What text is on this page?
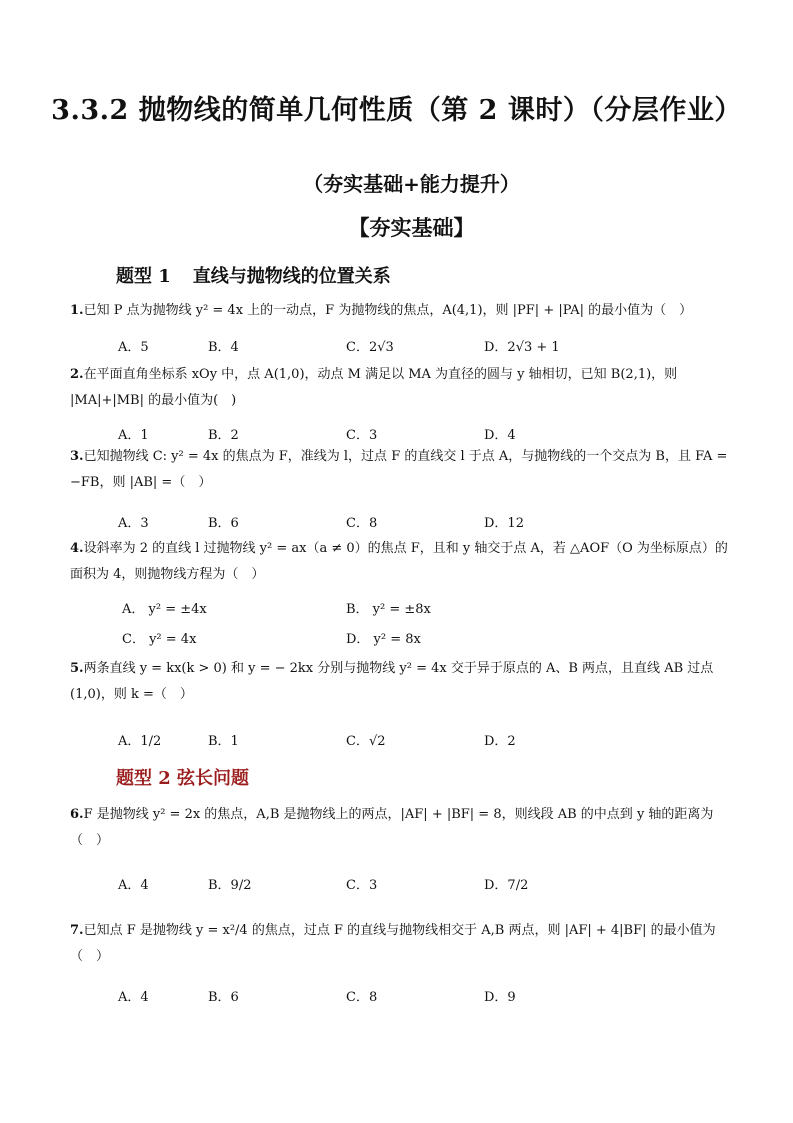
3.3.2 抛物线的简单几何性质（第 2 课时）（分层作业）
（夯实基础+能力提升）
【夯实基础】
题型 1 直线与抛物线的位置关系
1.已知 P 点为抛物线 y² = 4x 上的一动点，F 为抛物线的焦点，A(4,1)，则 |PF| + |PA| 的最小值为（　）
A．5	B．4	C．2√3	D．2√3 + 1
2.在平面直角坐标系 xOy 中，点 A(1,0)，动点 M 满足以 MA 为直径的圆与 y 轴相切，已知 B(2,1)，则 |MA|+|MB| 的最小值为(　)
A．1	B．2	C．3	D．4
3.已知抛物线 C: y² = 4x 的焦点为 F，准线为 l，过点 F 的直线交 l 于点 A，与抛物线的一个交点为 B，且 FA = −FB，则 |AB| =（　）
A．3	B．6	C．8	D．12
4.设斜率为 2 的直线 l 过抛物线 y² = ax（a ≠ 0）的焦点 F，且和 y 轴交于点 A，若 △AOF（O 为坐标原点）的面积为 4，则抛物线方程为（　）
A． y² = ±4x	B． y² = ±8x
C． y² = 4x	D． y² = 8x
5.两条直线 y = kx(k > 0) 和 y = − 2kx 分别与抛物线 y² = 4x 交于异于原点的 A、B 两点，且直线 AB 过点 (1,0)，则 k =（　）
A．1/2	B．1	C．√2	D．2
题型 2 弦长问题
6.F 是抛物线 y² = 2x 的焦点，A,B 是抛物线上的两点，|AF| + |BF| = 8，则线段 AB 的中点到 y 轴的距离为（　）
A．4	B．9/2	C．3	D．7/2
7.已知点 F 是抛物线 y = x²/4 的焦点，过点 F 的直线与抛物线相交于 A,B 两点，则 |AF| + 4|BF| 的最小值为（　）
A．4	B．6	C．8	D．9
